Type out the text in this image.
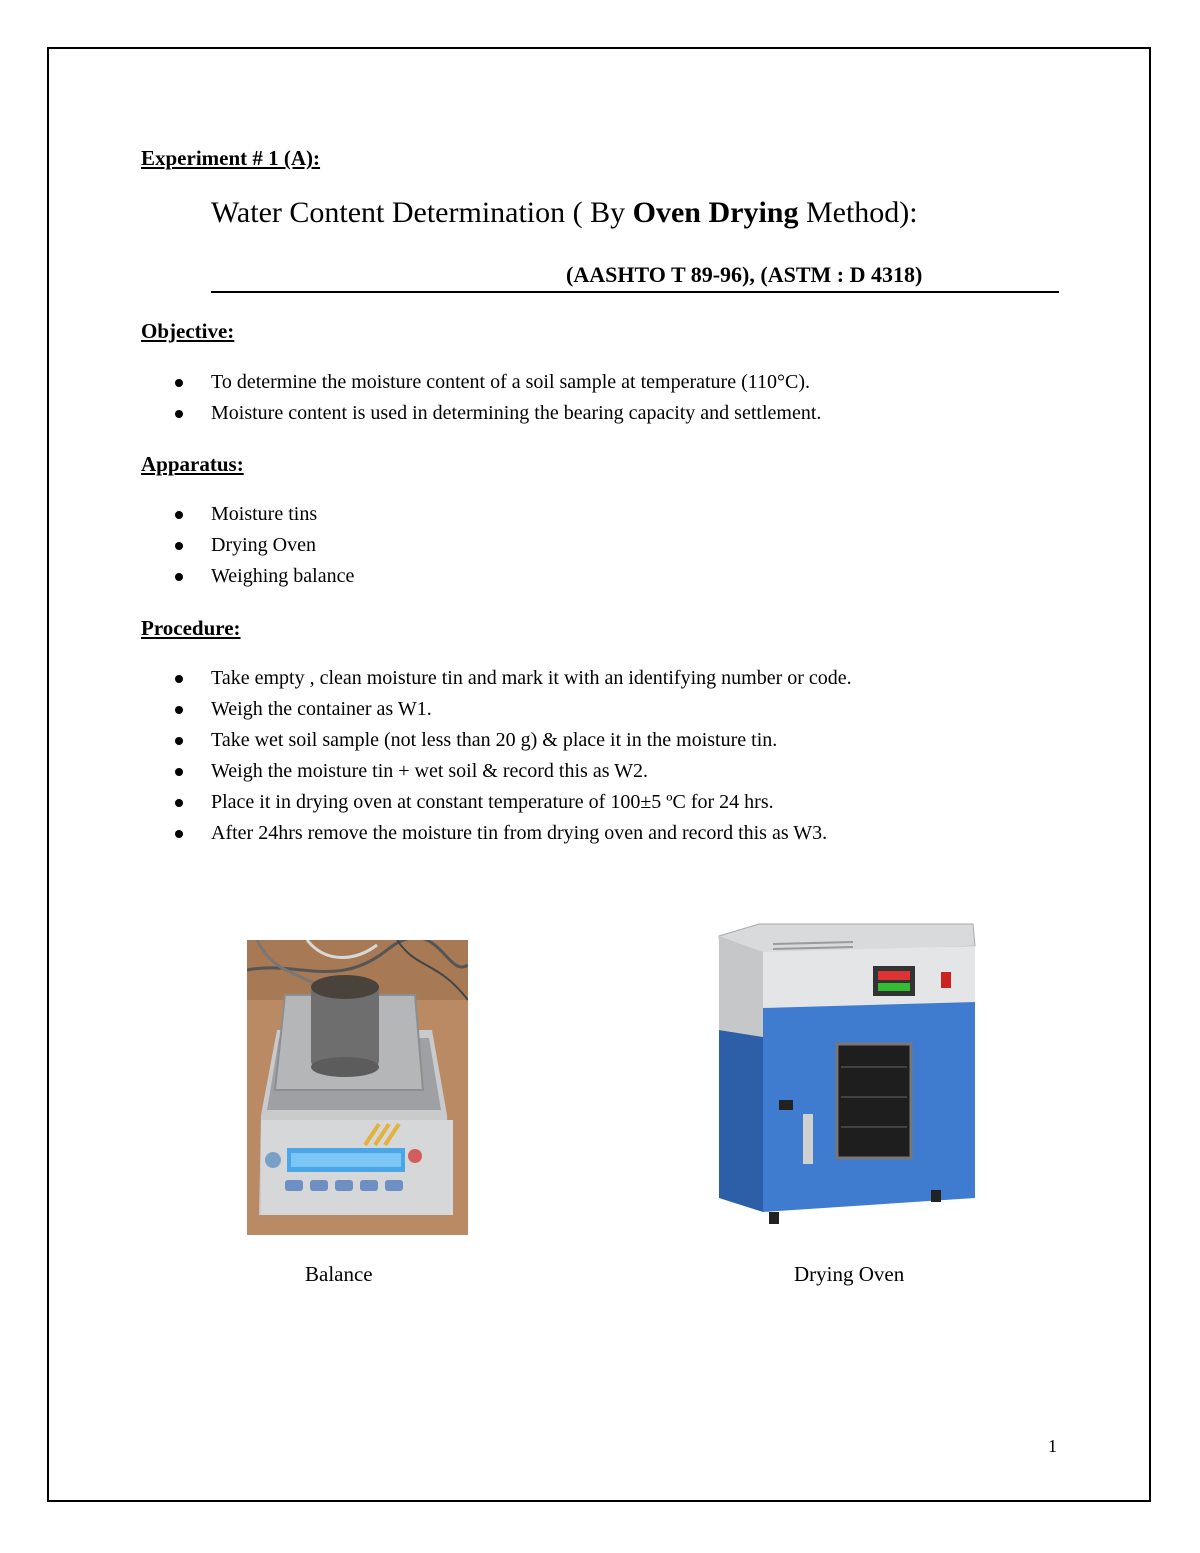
Experiment # 1 (A):
Water Content Determination ( By Oven Drying Method):
(AASHTO T 89-96), (ASTM : D 4318)
Objective:
To determine the moisture content of a soil sample at temperature (110°C).
Moisture content is used in determining the bearing capacity and settlement.
Apparatus:
Moisture tins
Drying Oven
Weighing balance
Procedure:
Take empty , clean moisture tin and mark it with an identifying number or code.
Weigh the container as W1.
Take wet soil sample (not less than 20 g) & place it in the moisture tin.
Weigh the moisture tin + wet soil & record this as W2.
Place it in drying oven at constant temperature of 100±5 ºC for 24 hrs.
After 24hrs remove the moisture tin from drying oven and record this as W3.
Balance	Drying Oven
1
